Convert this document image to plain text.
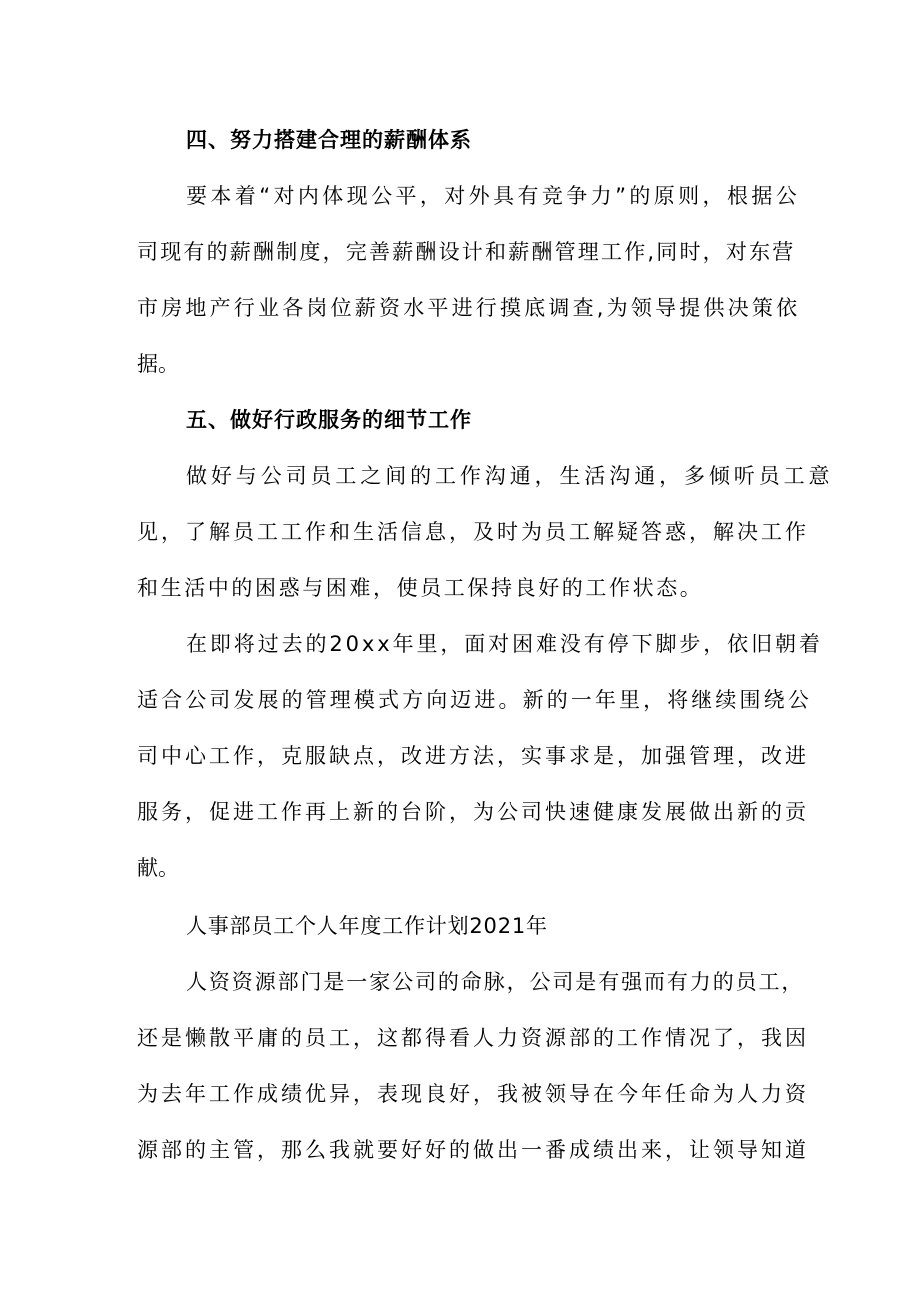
四、努力搭建合理的薪酬体系
要本着“对内体现公平，对外具有竞争力”的原则，根据公
司现有的薪酬制度，完善薪酬设计和薪酬管理工作,同时，对东营
市房地产行业各岗位薪资水平进行摸底调查,为领导提供决策依
据。
五、做好行政服务的细节工作
做好与公司员工之间的工作沟通，生活沟通，多倾听员工意
见，了解员工工作和生活信息，及时为员工解疑答惑，解决工作
和生活中的困惑与困难，使员工保持良好的工作状态。
在即将过去的20xx年里，面对困难没有停下脚步，依旧朝着
适合公司发展的管理模式方向迈进。新的一年里，将继续围绕公
司中心工作，克服缺点，改进方法，实事求是，加强管理，改进
服务，促进工作再上新的台阶，为公司快速健康发展做出新的贡
献。
人事部员工个人年度工作计划2021年
人资资源部门是一家公司的命脉，公司是有强而有力的员工，
还是懒散平庸的员工，这都得看人力资源部的工作情况了，我因
为去年工作成绩优异，表现良好，我被领导在今年任命为人力资
源部的主管，那么我就要好好的做出一番成绩出来，让领导知道
